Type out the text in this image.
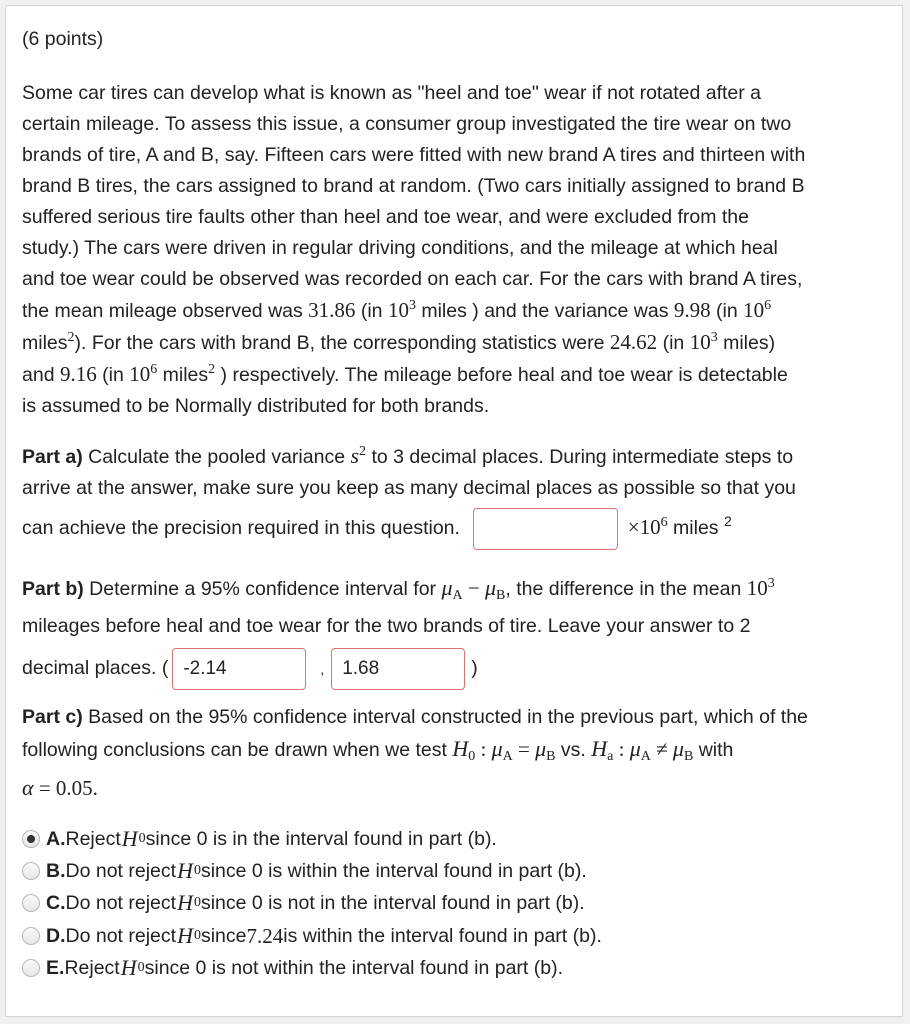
(6 points)
Some car tires can develop what is known as "heel and toe" wear if not rotated after a
certain mileage. To assess this issue, a consumer group investigated the tire wear on two
brands of tire, A and B, say. Fifteen cars were fitted with new brand A tires and thirteen with
brand B tires, the cars assigned to brand at random. (Two cars initially assigned to brand B
suffered serious tire faults other than heel and toe wear, and were excluded from the
study.) The cars were driven in regular driving conditions, and the mileage at which heal
and toe wear could be observed was recorded on each car. For the cars with brand A tires,
the mean mileage observed was 31.86 (in $10^3$ miles ) and the variance was 9.98 (in $10^6$
miles$^2$). For the cars with brand B, the corresponding statistics were 24.62 (in $10^3$ miles)
and 9.16 (in $10^6$ miles$^2$ ) respectively. The mileage before heal and toe wear is detectable
is assumed to be Normally distributed for both brands.
Part a) Calculate the pooled variance $s^2$ to 3 decimal places. During intermediate steps to
arrive at the answer, make sure you keep as many decimal places as possible so that you
can achieve the precision required in this question.	$\times 10^6$ miles $^2$
Part b) Determine a 95% confidence interval for $\mu_A - \mu_B$, the difference in the mean $10^3$
mileages before heal and toe wear for the two brands of tire. Leave your answer to 2
decimal places. ( -2.14	, 1.68	)
Part c) Based on the 95% confidence interval constructed in the previous part, which of the
following conclusions can be drawn when we test $H_0$ : $\mu_A = \mu_B$ vs. $H_a$ : $\mu_A \ne \mu_B$ with
α = 0.05.
A. Reject H 0 since 0 is in the interval found in part (b).
B. Do not reject H 0 since 0 is within the interval found in part (b).
C. Do not reject H 0 since 0 is not in the interval found in part (b).
D. Do not reject H 0 since 7.24 is within the interval found in part (b).
E. Reject H 0 since 0 is not within the interval found in part (b).
